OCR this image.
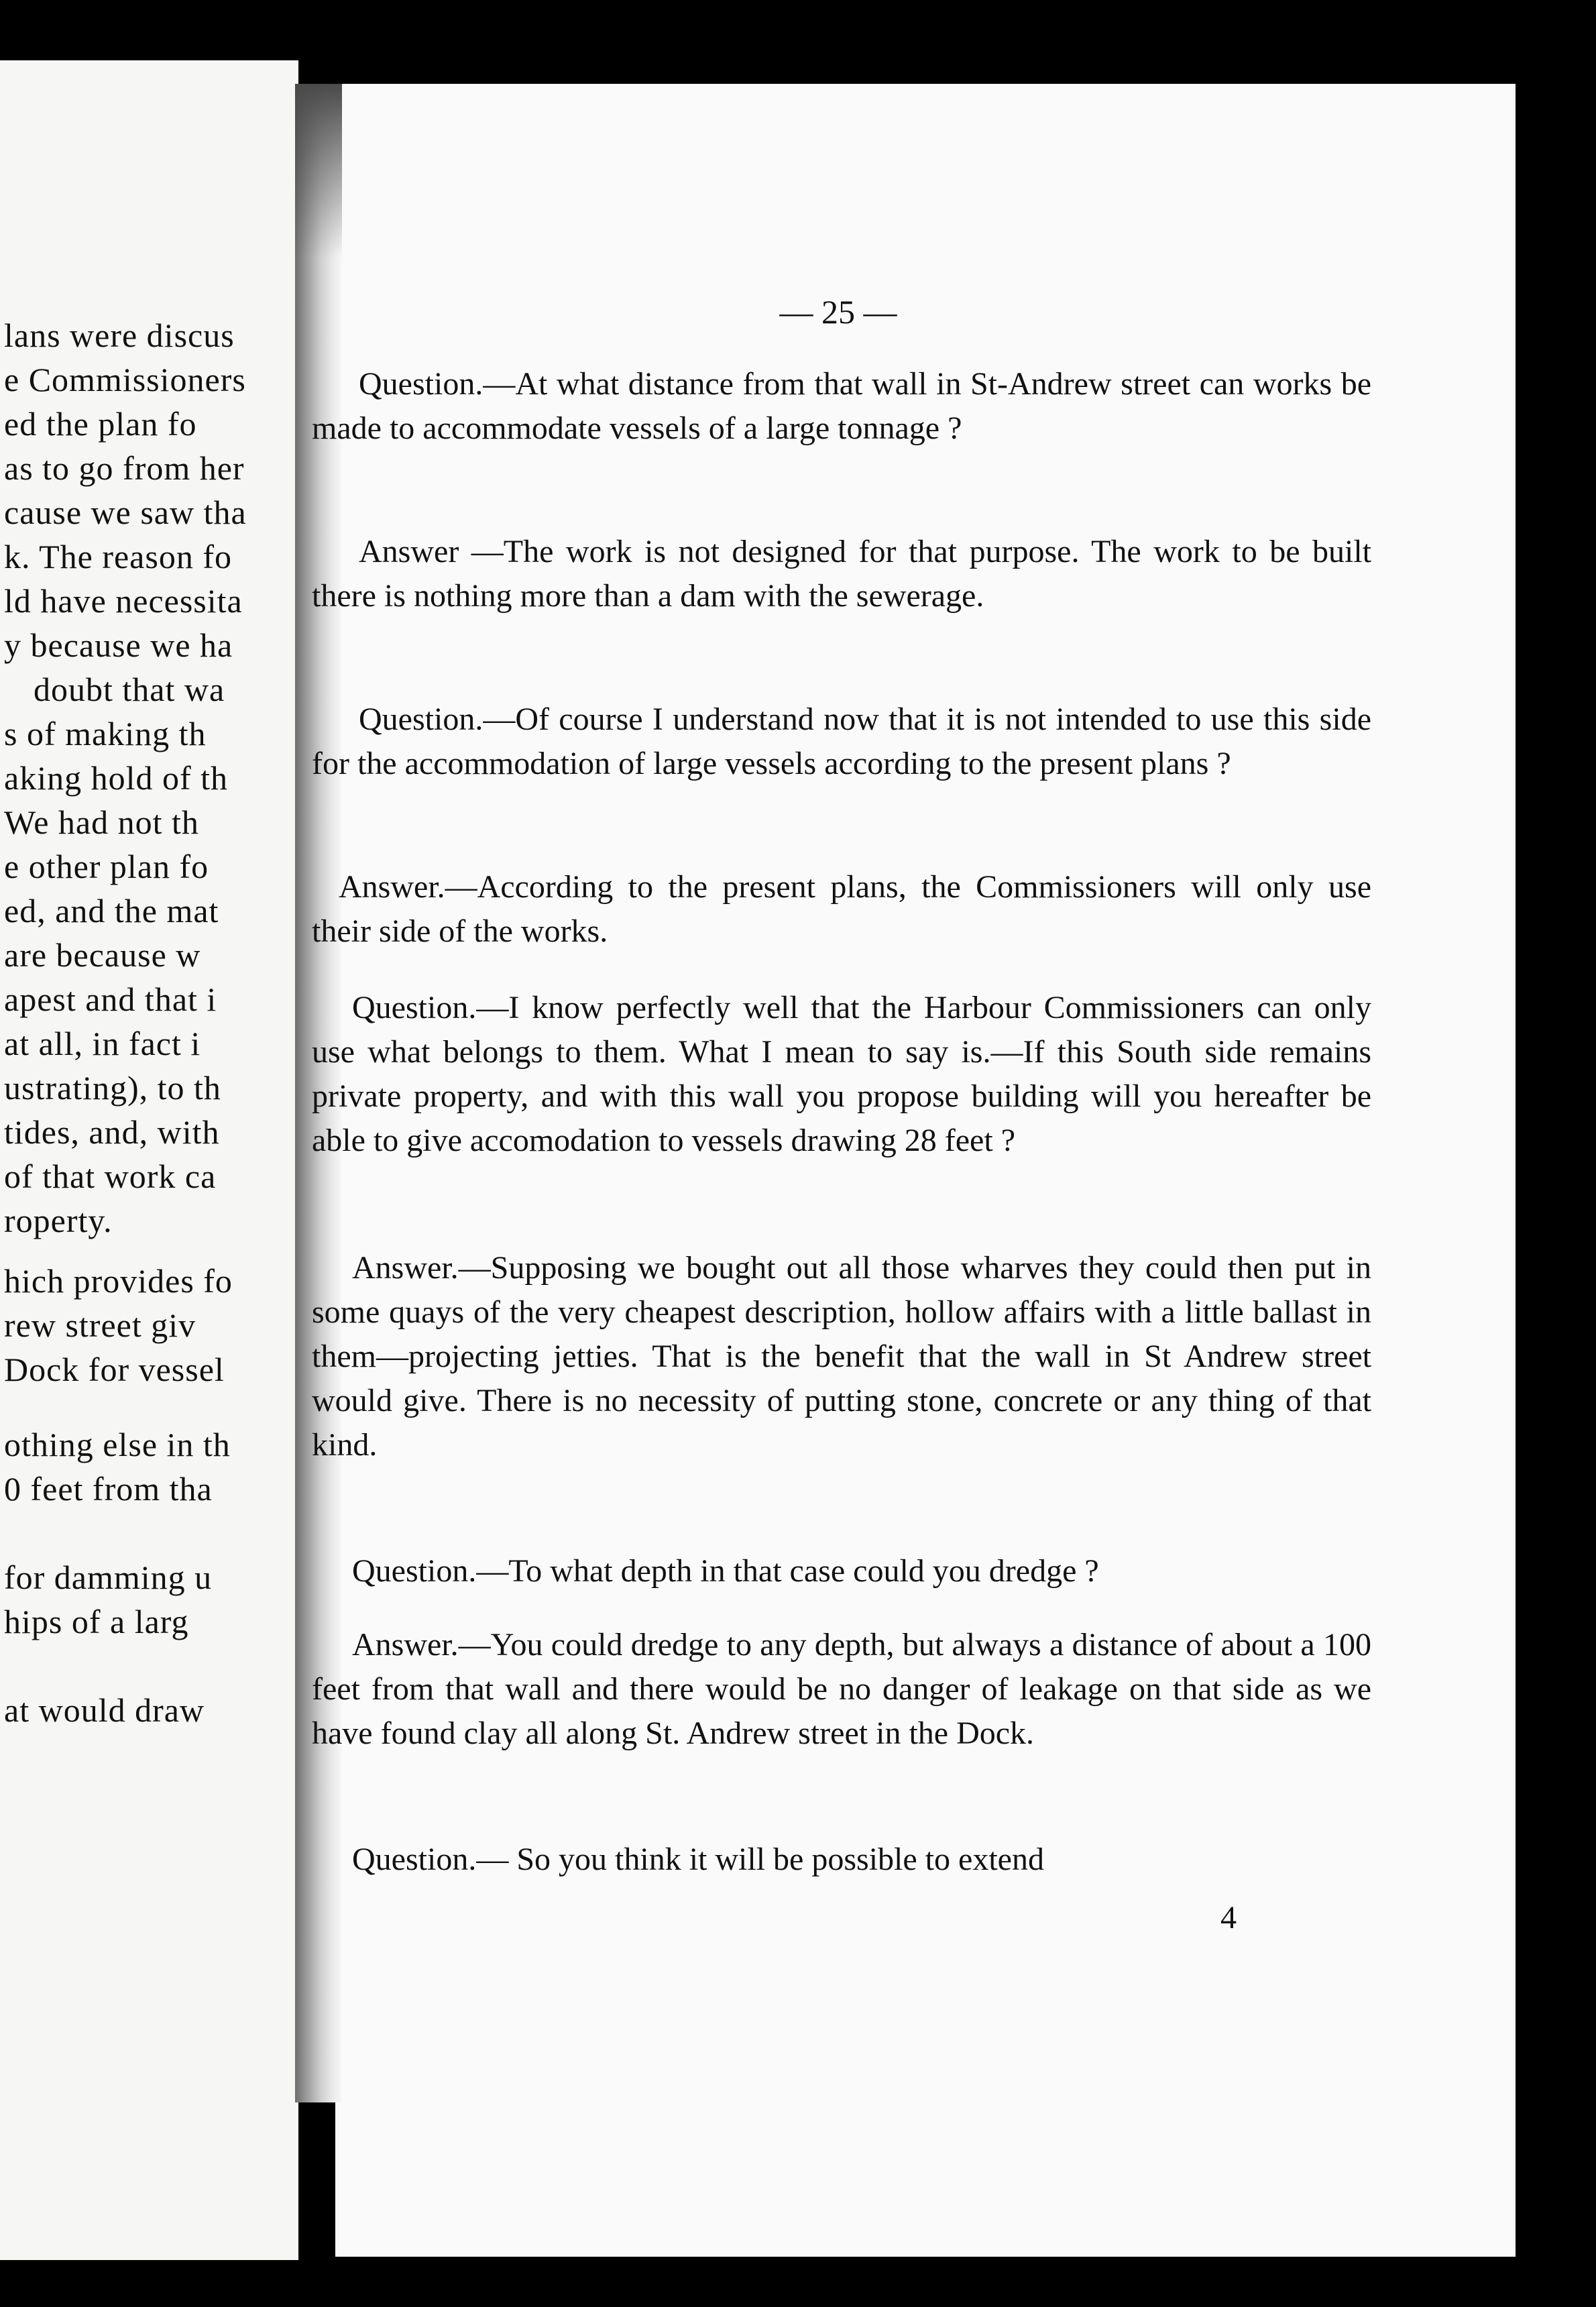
lans were discus
e Commissioners
ed the plan fo
as to go from her
cause we saw tha
k. The reason fo
ld have necessita
y because we ha
doubt that wa
s of making th
aking hold of th
We had not th
e other plan fo
ed, and the mat
are because w
apest and that i
at all, in fact i
ustrating), to th
tides, and, with
of that work ca
roperty.
hich provides fo
rew street giv
Dock for vessel
othing else in th
0 feet from tha
for damming u
hips of a larg
at would draw
— 25 —

Question.—At what distance from that wall in St-Andrew street can works be made to accommodate vessels of a large tonnage ?

Answer —The work is not designed for that purpose. The work to be built there is nothing more than a dam with the sewerage.

Question.—Of course I understand now that it is not intended to use this side for the accommodation of large vessels according to the present plans ?

Answer.—According to the present plans, the Commissioners will only use their side of the works.

Question.—I know perfectly well that the Harbour Commissioners can only use what belongs to them. What I mean to say is.—If this South side remains private property, and with this wall you propose building will you hereafter be able to give accomodation to vessels drawing 28 feet ?

Answer.—Supposing we bought out all those wharves they could then put in some quays of the very cheapest description, hollow affairs with a little ballast in them—projecting jetties. That is the benefit that the wall in St Andrew street would give. There is no necessity of putting stone, concrete or any thing of that kind.

Question.—To what depth in that case could you dredge ?

Answer.—You could dredge to any depth, but always a distance of about a 100 feet from that wall and there would be no danger of leakage on that side as we have found clay all along St. Andrew street in the Dock.

Question.— So you think it will be possible to extend

4
